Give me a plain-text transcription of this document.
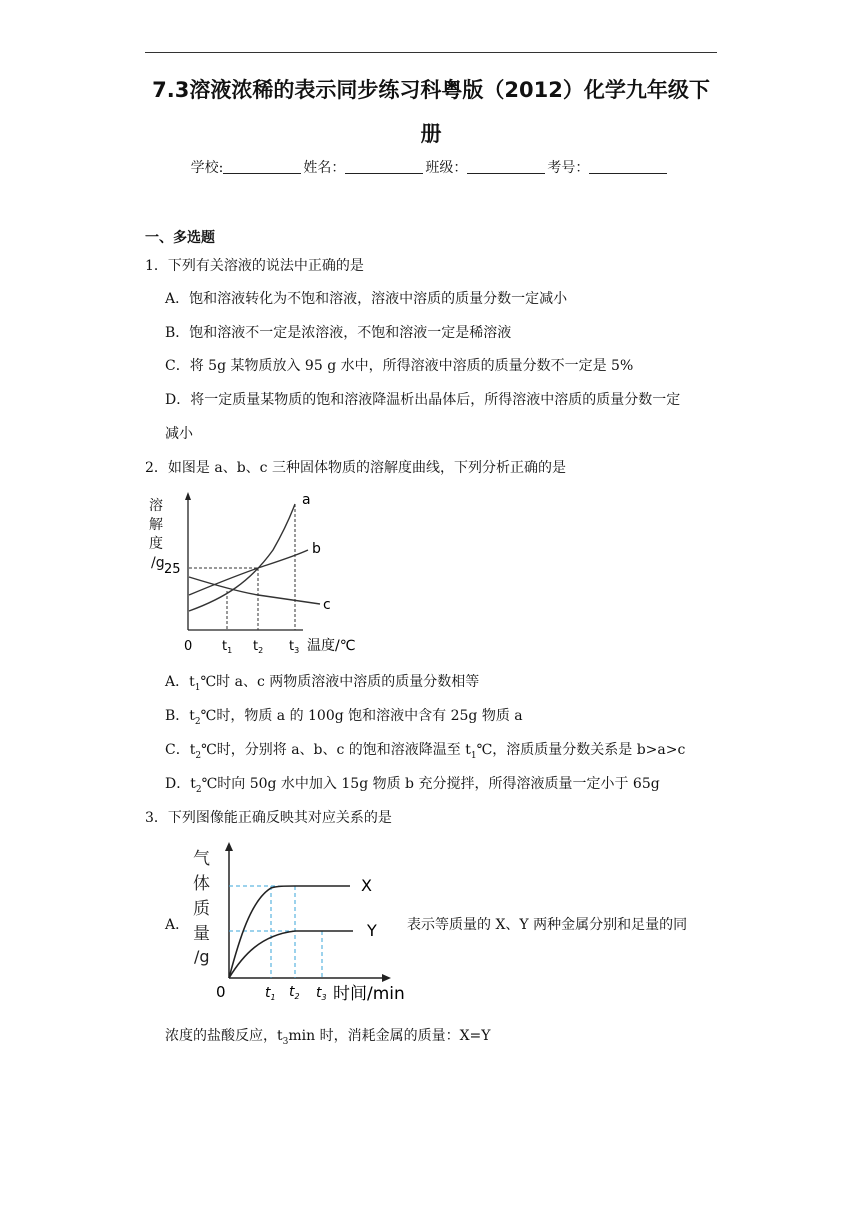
7.3溶液浓稀的表示同步练习科粤版（2012）化学九年级下
册
学校:	姓名：	班级：	考号：
一、多选题
1．下列有关溶液的说法中正确的是
A．饱和溶液转化为不饱和溶液，溶液中溶质的质量分数一定减小
B．饱和溶液不一定是浓溶液，不饱和溶液一定是稀溶液
C．将 5g 某物质放入 95 g 水中，所得溶液中溶质的质量分数不一定是 5%
D．将一定质量某物质的饱和溶液降温析出晶体后，所得溶液中溶质的质量分数一定
减小
2．如图是 a、b、c 三种固体物质的溶解度曲线，下列分析正确的是
溶
解
度
/g 25
0 $t_1$ $t_2$ $t_3$ 温度/℃
a
b
c
A．$t_1℃$时 a、c 两物质溶液中溶质的质量分数相等
B．$t_2℃$时，物质 a 的 100g 饱和溶液中含有 25g 物质 a
C．$t_2℃$时，分别将 a、b、c 的饱和溶液降温至 $t_1℃$，溶质质量分数关系是 b>a>c
D．$t_2℃$时向 50g 水中加入 15g 物质 b 充分搅拌，所得溶液质量一定小于 65g
3．下列图像能正确反映其对应关系的是
A．
气
体
质
量
/g
0	$t_1$ $t_2$ $t_3$ 时间/min
X
Y 表示等质量的 X、Y 两种金属分别和足量的同
浓度的盐酸反应，$t_3\min$ 时，消耗金属的质量：X=Y
